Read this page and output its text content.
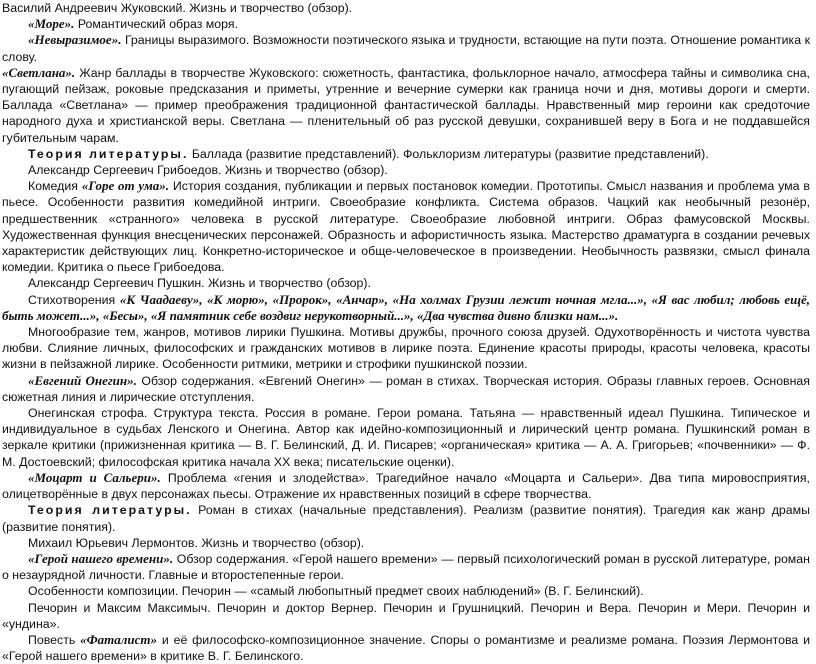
Василий Андреевич Жуковский. Жизнь и творчество (обзор).

«Море». Романтический образ моря.

«Невыразимое». Границы выразимого. Возможности поэтического языка и трудности, встающие на пути поэта. Отношение романтика к слову.

«Светлана». Жанр баллады в творчестве Жуковского: сюжетность, фантастика, фольклорное начало, атмосфера тайны и символика сна, пугающий пейзаж, роковые предсказания и приметы, утренние и вечерние сумерки как граница ночи и дня, мотивы дороги и смерти. Баллада «Светлана» — пример преображения традиционной фантастической баллады. Нравственный мир героини как средоточие народного духа и христианской веры. Светлана — пленительный об раз русской девушки, сохранившей веру в Бога и не поддавшейся губительным чарам.

Теория литературы. Баллада (развитие представлений). Фольклоризм литературы (развитие представлений).

Александр Сергеевич Грибоедов. Жизнь и творчество (обзор).

Комедия «Горе от ума». История создания, публикации и первых постановок комедии. Прототипы. Смысл названия и проблема ума в пьесе. Особенности развития комедийной интриги. Своеобразие конфликта. Система образов. Чацкий как необычный резонёр, предшественник «странного» человека в русской литературе. Своеобразие любовной интриги. Образ фамусовской Москвы. Художественная функция внесценических персонажей. Образность и афористичность языка. Мастерство драматурга в создании речевых характеристик действующих лиц. Конкретно-историческое и обще-человеческое в произведении. Необычность развязки, смысл финала комедии. Критика о пьесе Грибоедова.

Александр Сергеевич Пушкин. Жизнь и творчество (обзор).

Стихотворения «К Чаадаеву», «К морю», «Пророк», «Анчар», «На холмах Грузии лежит ночная мгла...», «Я вас любил; любовь ещё, быть может...», «Бесы», «Я памятник себе воздвиг нерукотворный...», «Два чувства дивно близки нам...».

Многообразие тем, жанров, мотивов лирики Пушкина. Мотивы дружбы, прочного союза друзей. Одухотворённость и чистота чувства любви. Слияние личных, философских и гражданских мотивов в лирике поэта. Единение красоты природы, красоты человека, красоты жизни в пейзажной лирике. Особенности ритмики, метрики и строфики пушкинской поэзии.

«Евгений Онегин». Обзор содержания. «Евгений Онегин» — роман в стихах. Творческая история. Образы главных героев. Основная сюжетная линия и лирические отступления.

Онегинская строфа. Структура текста. Россия в романе. Герои романа. Татьяна — нравственный идеал Пушкина. Типическое и индивидуальное в судьбах Ленского и Онегина. Автор как идейно-композиционный и лирический центр романа. Пушкинский роман в зеркале критики (прижизненная критика — В. Г. Белинский, Д. И. Писарев; «органическая» критика — А. А. Григорьев; «почвенники» — Ф. М. Достоевский; философская критика начала XX века; писательские оценки).

«Моцарт и Сальери». Проблема «гения и злодейства». Трагедийное начало «Моцарта и Сальери». Два типа мировосприятия, олицетворённые в двух персонажах пьесы. Отражение их нравственных позиций в сфере творчества.

Теория литературы. Роман в стихах (начальные представления). Реализм (развитие понятия). Трагедия как жанр драмы (развитие понятия).

Михаил Юрьевич Лермонтов. Жизнь и творчество (обзор).

«Герой нашего времени». Обзор содержания. «Герой нашего времени» — первый психологический роман в русской литературе, роман о незаурядной личности. Главные и второстепенные герои.

Особенности композиции. Печорин — «самый любопытный предмет своих наблюдений» (В. Г. Белинский).

Печорин и Максим Максимыч. Печорин и доктор Вернер. Печорин и Грушницкий. Печорин и Вера. Печорин и Мери. Печорин и «ундина».

Повесть «Фаталист» и её философско-композиционное значение. Споры о романтизме и реализме романа. Поэзия Лермонтова и «Герой нашего времени» в критике В. Г. Белинского.
